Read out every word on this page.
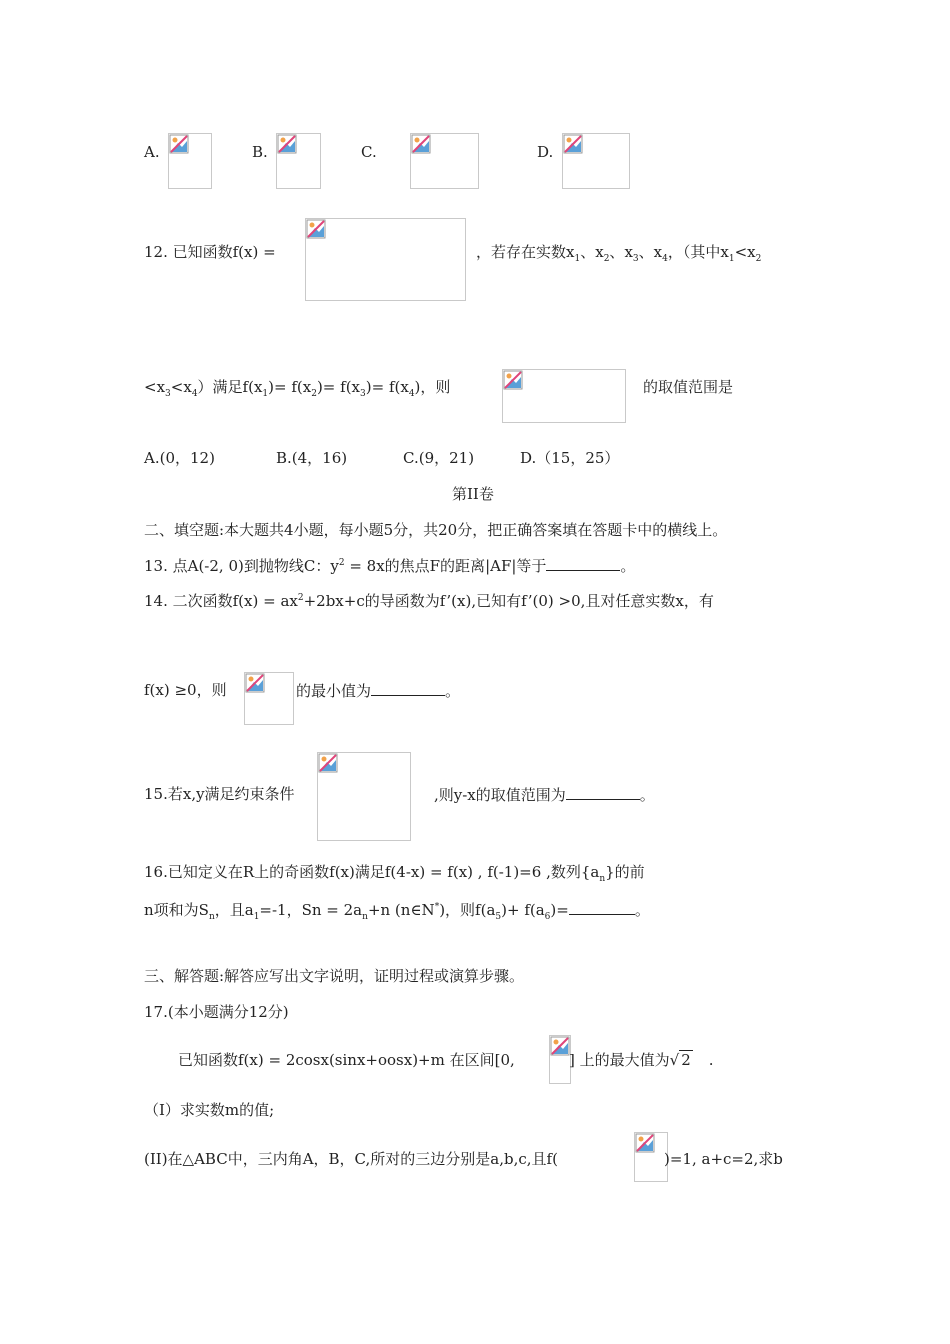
A.	B.	C.	D.
12. 已知函数f(x) =	，若存在实数$x_1$、$x_2$、$x_3$、$x_4$，（其中$x_1<x_2$
$<x_3<x_4$）满足$f(x_1)= f(x_2)= f(x_3)= f(x_4)$，则	的取值范围是
A.(0，12)	B.(4，16)	C.(9，21)	D.（15，25）
第II卷
二、填空题:本大题共4小题，每小题5分，共20分，把正确答案填在答题卡中的横线上。
13. 点A(-2, 0)到抛物线C：$y^2 = 8x$的焦点F的距离|AF|等于	。
14. 二次函数$f(x) = ax^2+2bx+c$的导函数为f’(x),已知有f’(0) >0,且对任意实数x，有
f(x) ≥0，则	的最小值为	。
15.若x,y满足约束条件	,则y-x的取值范围为	。
16.已知定义在R上的奇函数f(x)满足f(4-x) = f(x) , f(-1)=6 ,数列$\{a_n\}$的前
n项和为$S_n$，且$a_1=-1$，$Sn = 2a_n+n$ (n∈N*)，则$f(a_5)+ f(a_6)=$	。
三、解答题:解答应写出文字说明，证明过程或演算步骤。
17.(本小题满分12分)
已知函数f(x) = 2cosx(sinx+oosx)+m 在区间[0,	] 上的最大值为√ 2 .
（Ⅰ）求实数m的值;
(II)在△ABC中，三内角A，B，C,所对的三边分别是a,b,c,且f(	)=1, a+c=2,求b
